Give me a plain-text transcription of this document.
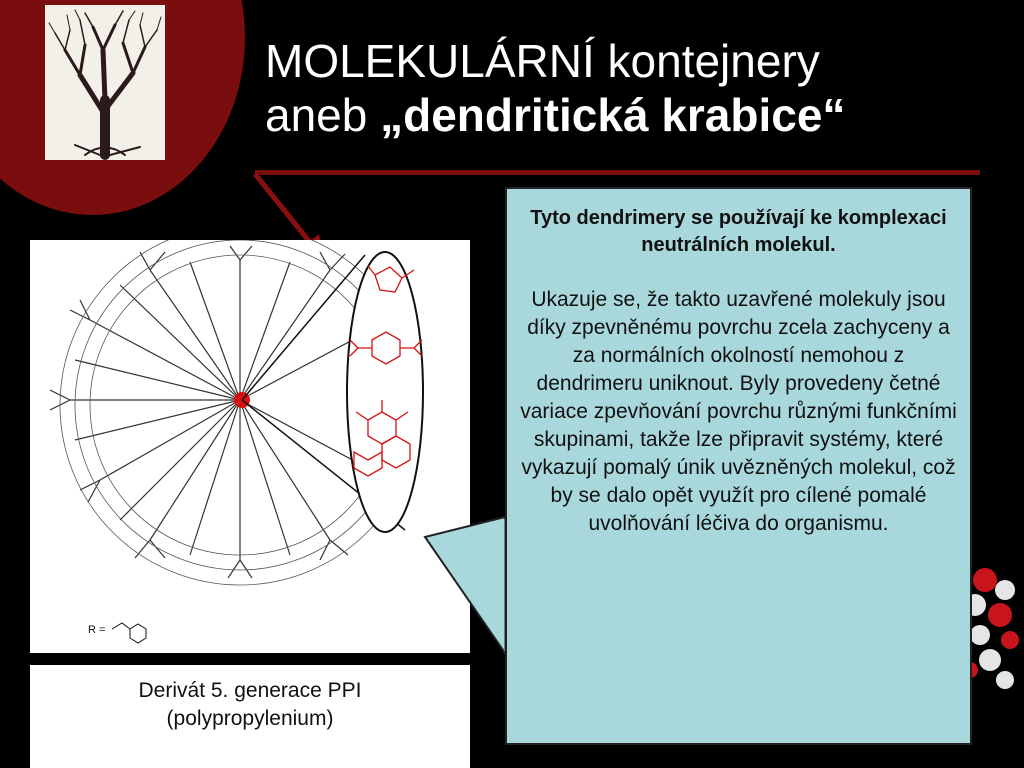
MOLEKULÁRNÍ kontejnery
aneb „dendritická krabice“
R =
Derivát 5. generace PPI
(polypropylenium)
Tyto dendrimery se používají ke komplexaci neutrálních molekul.
Ukazuje se, že takto uzavřené molekuly jsou díky zpevněnému povrchu zcela zachyceny a za normálních okolností nemohou z dendrimeru uniknout. Byly provedeny četné variace zpevňování povrchu různými funkčními skupinami, takže lze připravit systémy, které vykazují pomalý únik uvězněných molekul, což by se dalo opět využít pro cílené pomalé uvolňování léčiva do organismu.
